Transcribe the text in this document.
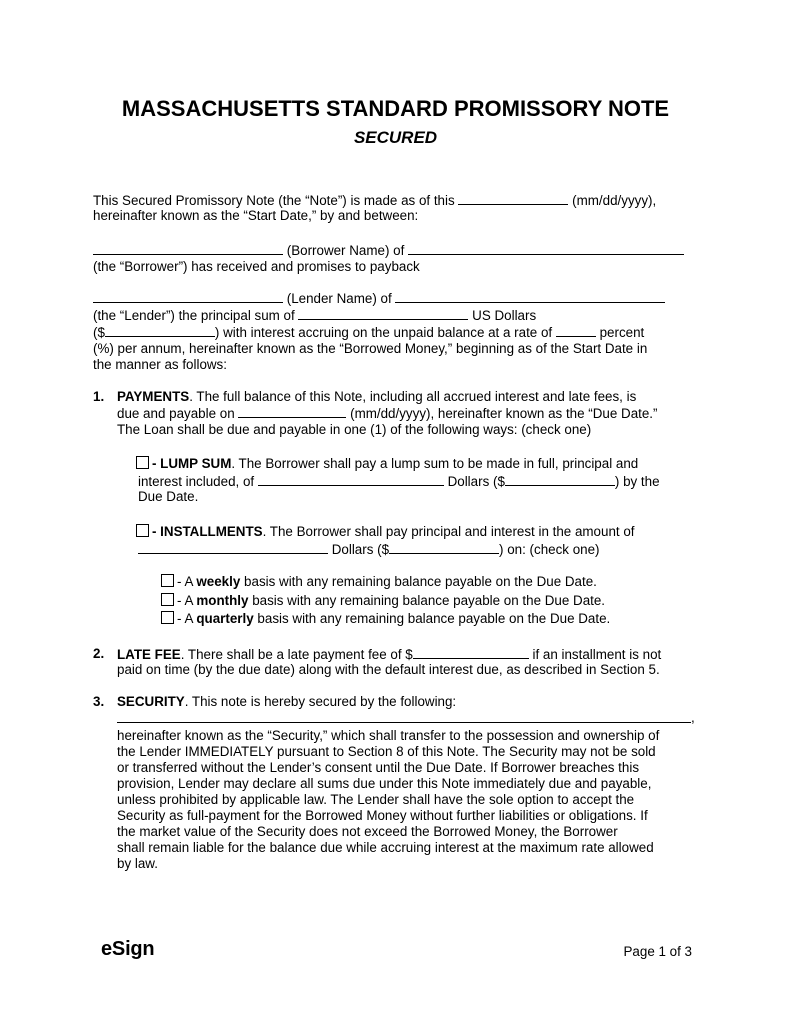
MASSACHUSETTS STANDARD PROMISSORY NOTE
SECURED
This Secured Promissory Note (the “Note”) is made as of this	(mm/dd/yyyy),
hereinafter known as the “Start Date,” by and between:
(Borrower Name) of
(the “Borrower”) has received and promises to payback
(Lender Name) of
(the “Lender”) the principal sum of	US Dollars
($	) with interest accruing on the unpaid balance at a rate of	percent
(%) per annum, hereinafter known as the “Borrowed Money,” beginning as of the Start Date in
the manner as follows:
1. PAYMENTS. The full balance of this Note, including all accrued interest and late fees, is
due and payable on	(mm/dd/yyyy), hereinafter known as the “Due Date.”
The Loan shall be due and payable in one (1) of the following ways: (check one)
- LUMP SUM. The Borrower shall pay a lump sum to be made in full, principal and
interest included, of	Dollars ($	) by the
Due Date.
- INSTALLMENTS. The Borrower shall pay principal and interest in the amount of
Dollars ($	) on: (check one)
- A weekly basis with any remaining balance payable on the Due Date.
- A monthly basis with any remaining balance payable on the Due Date.
- A quarterly basis with any remaining balance payable on the Due Date.
2. LATE FEE. There shall be a late payment fee of $	if an installment is not
paid on time (by the due date) along with the default interest due, as described in Section 5.
3. SECURITY. This note is hereby secured by the following:
,
hereinafter known as the “Security,” which shall transfer to the possession and ownership of
the Lender IMMEDIATELY pursuant to Section 8 of this Note. The Security may not be sold
or transferred without the Lender’s consent until the Due Date. If Borrower breaches this
provision, Lender may declare all sums due under this Note immediately due and payable,
unless prohibited by applicable law. The Lender shall have the sole option to accept the
Security as full-payment for the Borrowed Money without further liabilities or obligations. If
the market value of the Security does not exceed the Borrowed Money, the Borrower
shall remain liable for the balance due while accruing interest at the maximum rate allowed
by law.
eSign	Page 1 of 3
